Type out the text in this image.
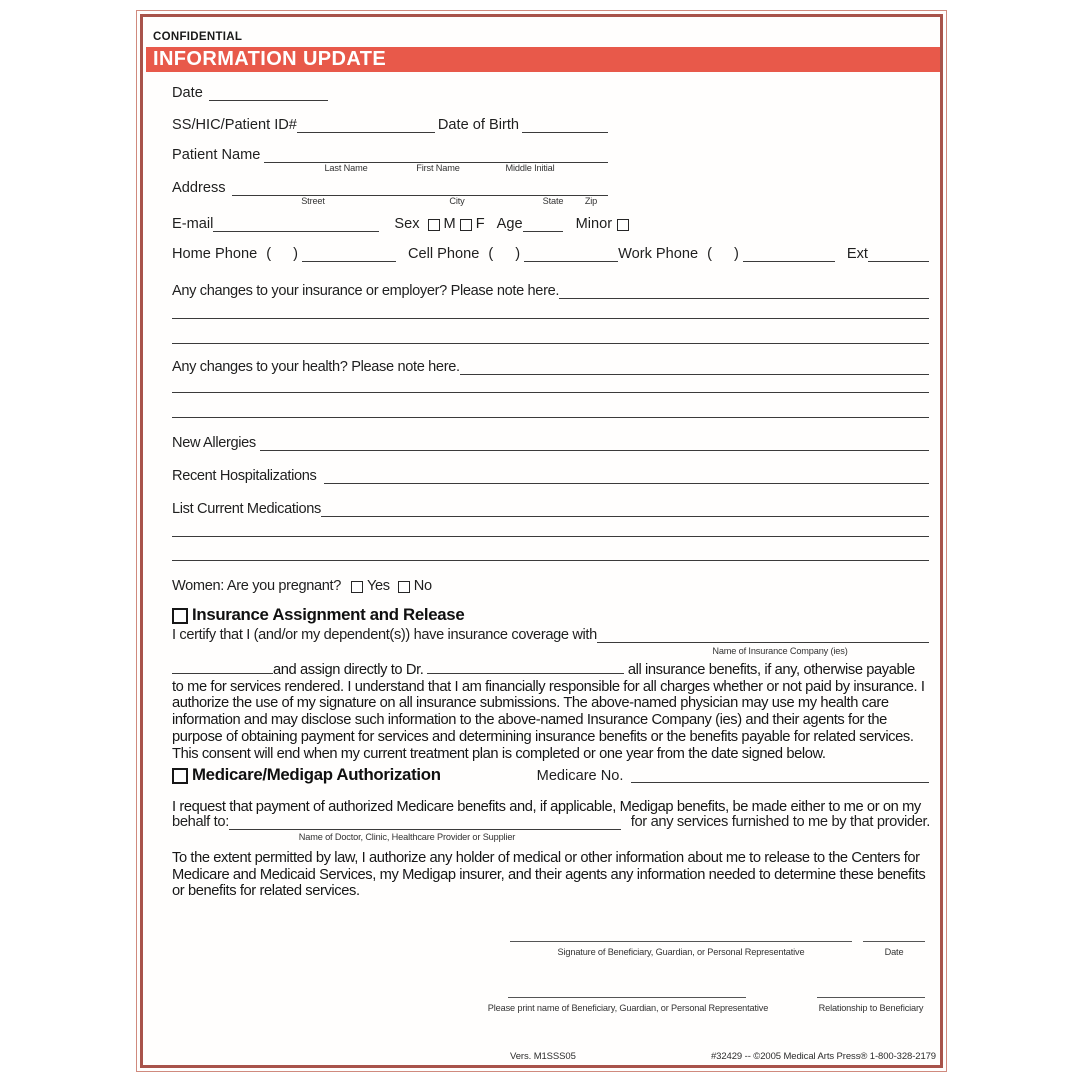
CONFIDENTIAL
INFORMATION UPDATE
Date
SS/HIC/Patient ID#	Date of Birth
Patient Name
Last Name	First Name	Middle Initial
Address
Street	City	State	Zip
E-mail	Sex M F Age	Minor
Home Phone ( )	Cell Phone ( )	Work Phone ( )	Ext
Any changes to your insurance or employer? Please note here.
Any changes to your health? Please note here.
New Allergies
Recent Hospitalizations
List Current Medications
Women: Are you pregnant? Yes No
Insurance Assignment and Release
I certify that I (and/or my dependent(s)) have insurance coverage with
Name of Insurance Company (ies)
and assign directly to Dr.	all insurance benefits, if any, otherwise payable to me for services rendered. I understand that I am financially responsible for all charges whether or not paid by insurance. I authorize the use of my signature on all insurance submissions. The above-named physician may use my health care information and may disclose such information to the above-named Insurance Company (ies) and their agents for the purpose of obtaining payment for services and determining insurance benefits or the benefits payable for related services. This consent will end when my current treatment plan is completed or one year from the date signed below.
Medicare/Medigap Authorization	Medicare No.
I request that payment of authorized Medicare benefits and, if applicable, Medigap benefits, be made either to me or on my
behalf to:	for any services furnished to me by that provider.
Name of Doctor, Clinic, Healthcare Provider or Supplier
To the extent permitted by law, I authorize any holder of medical or other information about me to release to the Centers for Medicare and Medicaid Services, my Medigap insurer, and their agents any information needed to determine these benefits or benefits for related services.
Signature of Beneficiary, Guardian, or Personal Representative	Date
Please print name of Beneficiary, Guardian, or Personal Representative	Relationship to Beneficiary
Vers. M1SSS05	#32429 -- ©2005 Medical Arts Press® 1-800-328-2179
